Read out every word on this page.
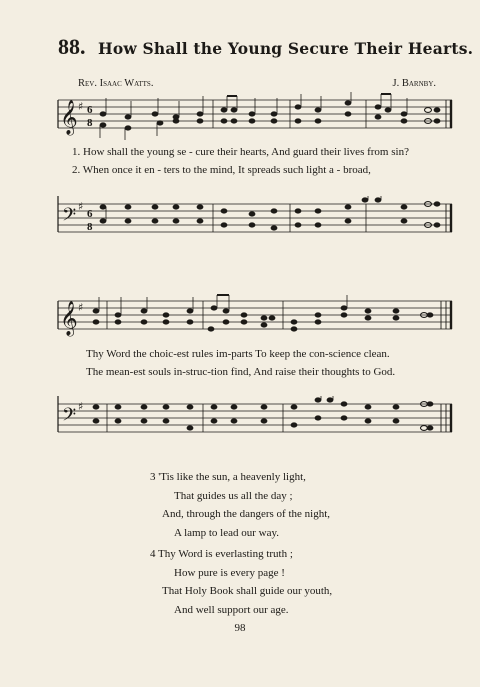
88. How Shall the Young Secure Their Hearts.
Rev. Isaac Watts.	J. Barnby.
𝄞 ♯ 6
8
1. How shall the young se - cure their hearts, And guard their lives from sin?
2. When once it en - ters to the mind, It spreads such light a - broad,
𝄢 ♯
6
8
𝄞 ♯
Thy Word the choic-est rules im-parts To keep the con-science clean.
The mean-est souls in-struc-tion find, And raise their thoughts to God.
𝄢 ♯
3 'Tis like the sun, a heavenly light,
That guides us all the day ;
And, through the dangers of the night,
A lamp to lead our way.
4 Thy Word is everlasting truth ;
How pure is every page !
That Holy Book shall guide our youth,
And well support our age.
98
